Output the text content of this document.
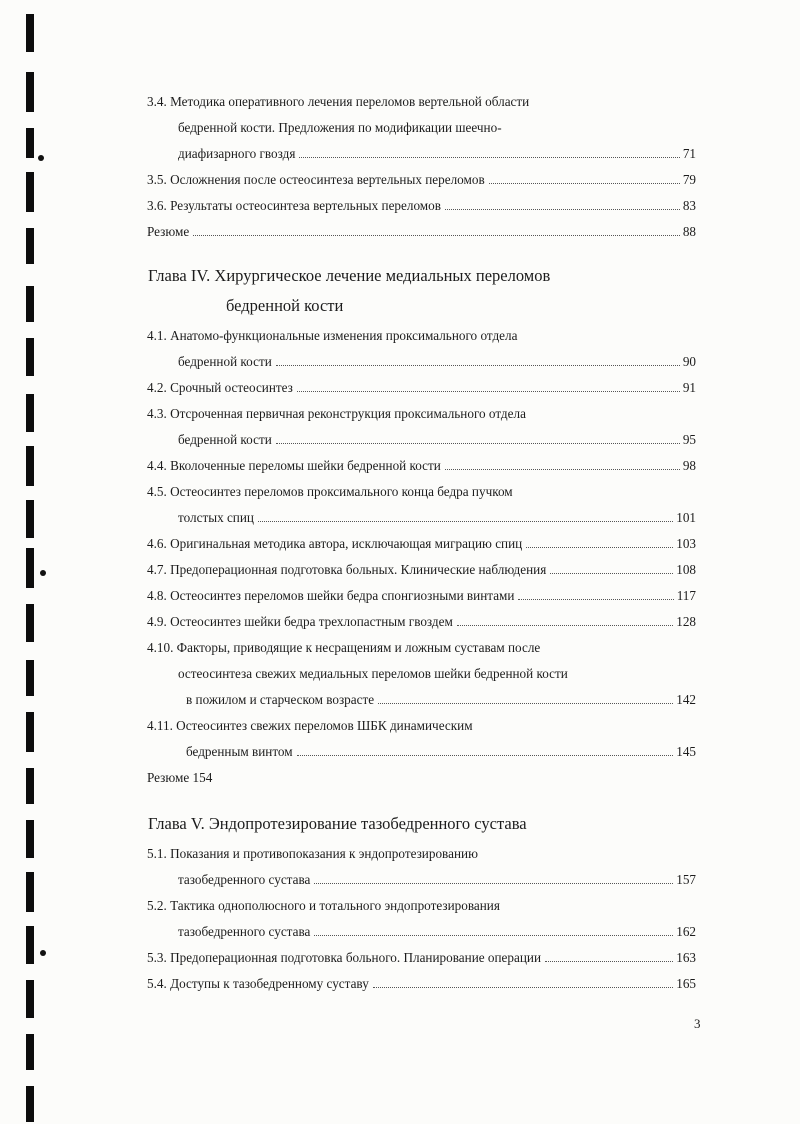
3.4. Методика оперативного лечения переломов вертельной области
бедренной кости. Предложения по модификации шеечно-
диафизарного гвоздя	71
3.5. Осложнения после остеосинтеза вертельных переломов	79
3.6. Результаты остеосинтеза вертельных переломов	83
Резюме	88
Глава IV. Хирургическое лечение медиальных переломов
бедренной кости
4.1. Анатомо-функциональные изменения проксимального отдела
бедренной кости	90
4.2. Срочный остеосинтез	91
4.3. Отсроченная первичная реконструкция проксимального отдела
бедренной кости	95
4.4. Вколоченные переломы шейки бедренной кости	98
4.5. Остеосинтез переломов проксимального конца бедра пучком
толстых спиц	101
4.6. Оригинальная методика автора, исключающая миграцию спиц	103
4.7. Предоперационная подготовка больных. Клинические наблюдения	108
4.8. Остеосинтез переломов шейки бедра спонгиозными винтами	117
4.9. Остеосинтез шейки бедра трехлопастным гвоздем	128
4.10. Факторы, приводящие к несращениям и ложным суставам после
остеосинтеза свежих медиальных переломов шейки бедренной кости
в пожилом и старческом возрасте	142
4.11. Остеосинтез свежих переломов ШБК динамическим
бедренным винтом	145
Резюме 154
Глава V. Эндопротезирование тазобедренного сустава
5.1. Показания и противопоказания к эндопротезированию
тазобедренного сустава	157
5.2. Тактика однополюсного и тотального эндопротезирования
тазобедренного сустава	162
5.3. Предоперационная подготовка больного. Планирование операции	163
5.4. Доступы к тазобедренному суставу	165
3
